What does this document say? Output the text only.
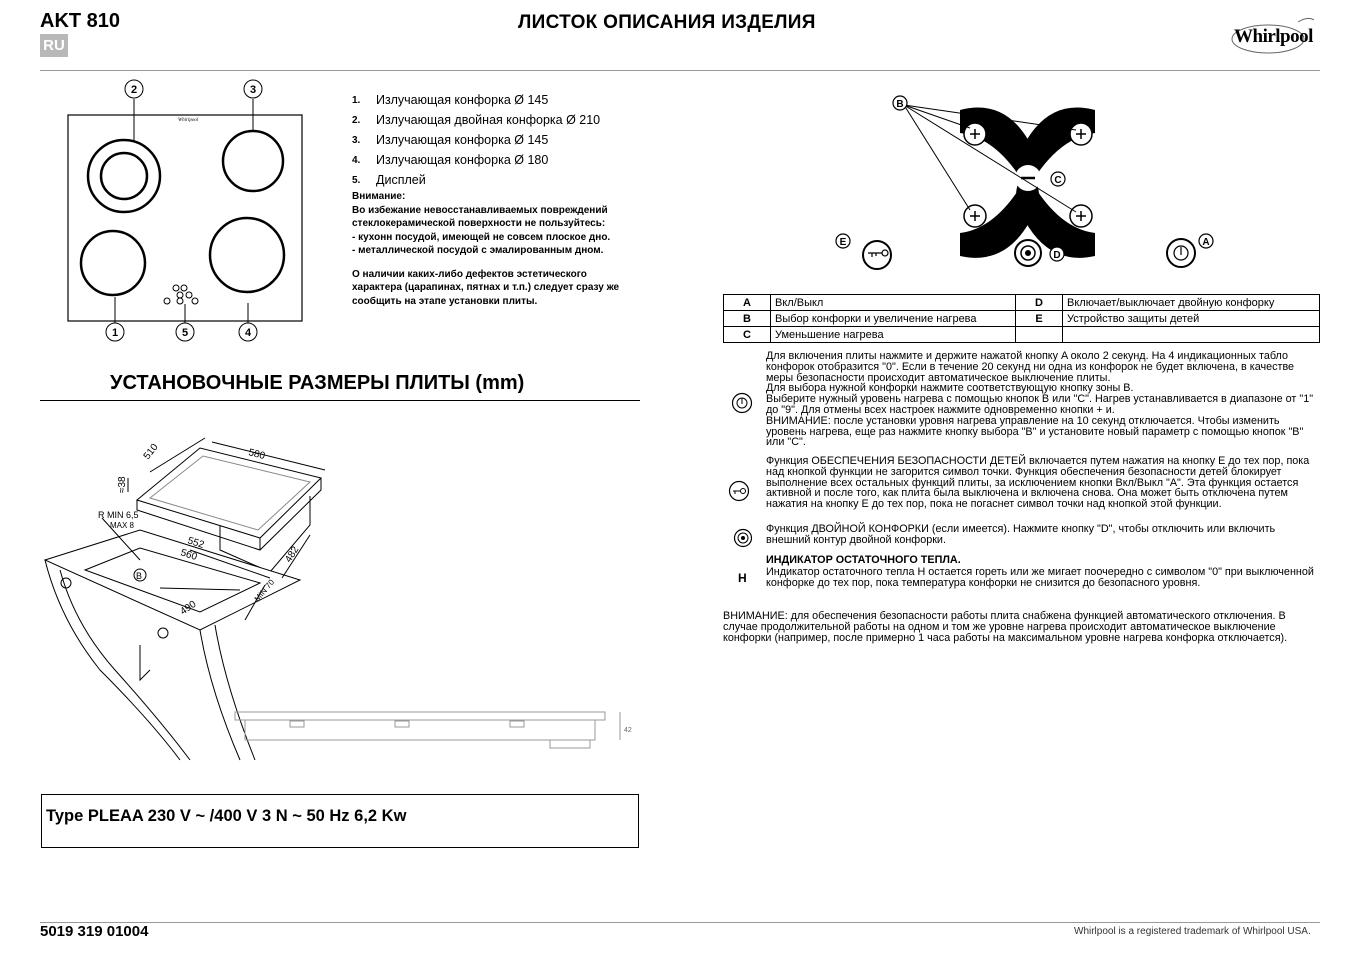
AKT 810
RU
ЛИСТОК ОПИСАНИЯ ИЗДЕЛИЯ
Whirlpool
Whirlpool
2	3
1	5	4
1.	Излучающая конфорка Ø 145
2.	Излучающая двойная конфорка Ø 210
3.	Излучающая конфорка Ø 145
4.	Излучающая конфорка Ø 180
5.	Дисплей
Внимание:
Во избежание невосстанавливаемых повреждений стеклокерамической поверхности не пользуйтесь:
- кухонн посудой, имеющей не совсем плоское дно.
- металлической посудой с эмалированным дном.
О наличии каких-либо дефектов эстетического характера (царапинах, пятнах и т.п.) следует сразу же сообщить на этапе установки плиты.
УСТАНОВОЧНЫЕ РАЗМЕРЫ ПЛИТЫ (mm)
580
510
≈38
R MIN 6,5
MAX 8
552
560	482
490
MIN 70
B
42
Type PLEAA 230 V ~ /400 V 3 N ~ 50 Hz 6,2 Kw
B
C
D
E	A
A	Вкл/Выкл	D	Включает/выключает двойную конфорку
B	Выбор конфорки и увеличение нагрева	E	Устройство защиты детей
C	Уменьшение нагрева		
Для включения плиты нажмите и держите нажатой кнопку A около 2 секунд. На 4 индикационных табло конфорок отобразится "0". Если в течение 20 секунд ни одна из конфорок не будет включена, в качестве меры безопасности происходит автоматическое выключение плиты.
Для выбора нужной конфорки нажмите соответствующую кнопку зоны B.
Выберите нужный уровень нагрева с помощью кнопок B или "C". Нагрев устанавливается в диапазоне от "1" до "9". Для отмены всех настроек нажмите одновременно кнопки + и.
ВНИМАНИЕ: после установки уровня нагрева управление на 10 секунд отключается. Чтобы изменить уровень нагрева, еще раз нажмите кнопку выбора "B" и установите новый параметр с помощью кнопок "B" или "C".
Функция ОБЕСПЕЧЕНИЯ БЕЗОПАСНОСТИ ДЕТЕЙ включается путем нажатия на кнопку E до тех пор, пока над кнопкой функции не загорится символ точки. Функция обеспечения безопасности детей блокирует выполнение всех остальных функций плиты, за исключением кнопки Вкл/Выкл "A". Эта функция остается активной и после того, как плита была выключена и включена снова. Она может быть отключена путем нажатия на кнопку E до тех пор, пока не погаснет символ точки над кнопкой этой функции.
Функция ДВОЙНОЙ КОНФОРКИ (если имеется). Нажмите кнопку "D", чтобы отключить или включить внешний контур двойной конфорки.
ИНДИКАТОР ОСТАТОЧНОГО ТЕПЛА.
H Индикатор остаточного тепла H остается гореть или же мигает поочередно с символом "0" при выключенной конфорке до тех пор, пока температура конфорки не снизится до безопасного уровня.
ВНИМАНИЕ: для обеспечения безопасности работы плита снабжена функцией автоматического отключения. В случае продолжительной работы на одном и том же уровне нагрева происходит автоматическое выключение конфорки (например, после примерно 1 часа работы на максимальном уровне нагрева конфорка отключается).
5019 319 01004	Whirlpool is a registered trademark of Whirlpool USA.
